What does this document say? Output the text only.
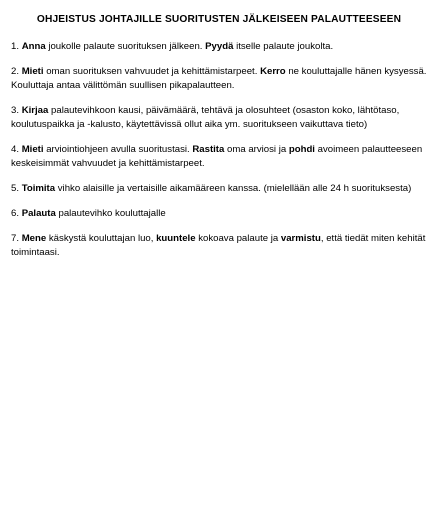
OHJEISTUS JOHTAJILLE SUORITUSTEN JÄLKEISEEN PALAUTTEESEEN
1. Anna joukolle palaute suorituksen jälkeen. Pyydä itselle palaute joukolta.
2. Mieti oman suorituksen vahvuudet ja kehittämistarpeet. Kerro ne kouluttajalle hänen kysyessä. Kouluttaja antaa välittömän suullisen pikapalautteen.
3. Kirjaa palautevihkoon kausi, päivämäärä, tehtävä ja olosuhteet (osaston koko, lähtötaso, koulutuspaikka ja -kalusto, käytettävissä ollut aika ym. suoritukseen vaikuttava tieto)
4. Mieti arviointiohjeen avulla suoritustasi. Rastita oma arviosi ja pohdi avoimeen palautteeseen keskeisimmät vahvuudet ja kehittämistarpeet.
5. Toimita vihko alaisille ja vertaisille aikamääreen kanssa. (mielellään alle 24 h suorituksesta)
6. Palauta palautevihko kouluttajalle
7. Mene käskystä kouluttajan luo, kuuntele kokoava palaute ja varmistu, että tiedät miten kehität toimintaasi.
